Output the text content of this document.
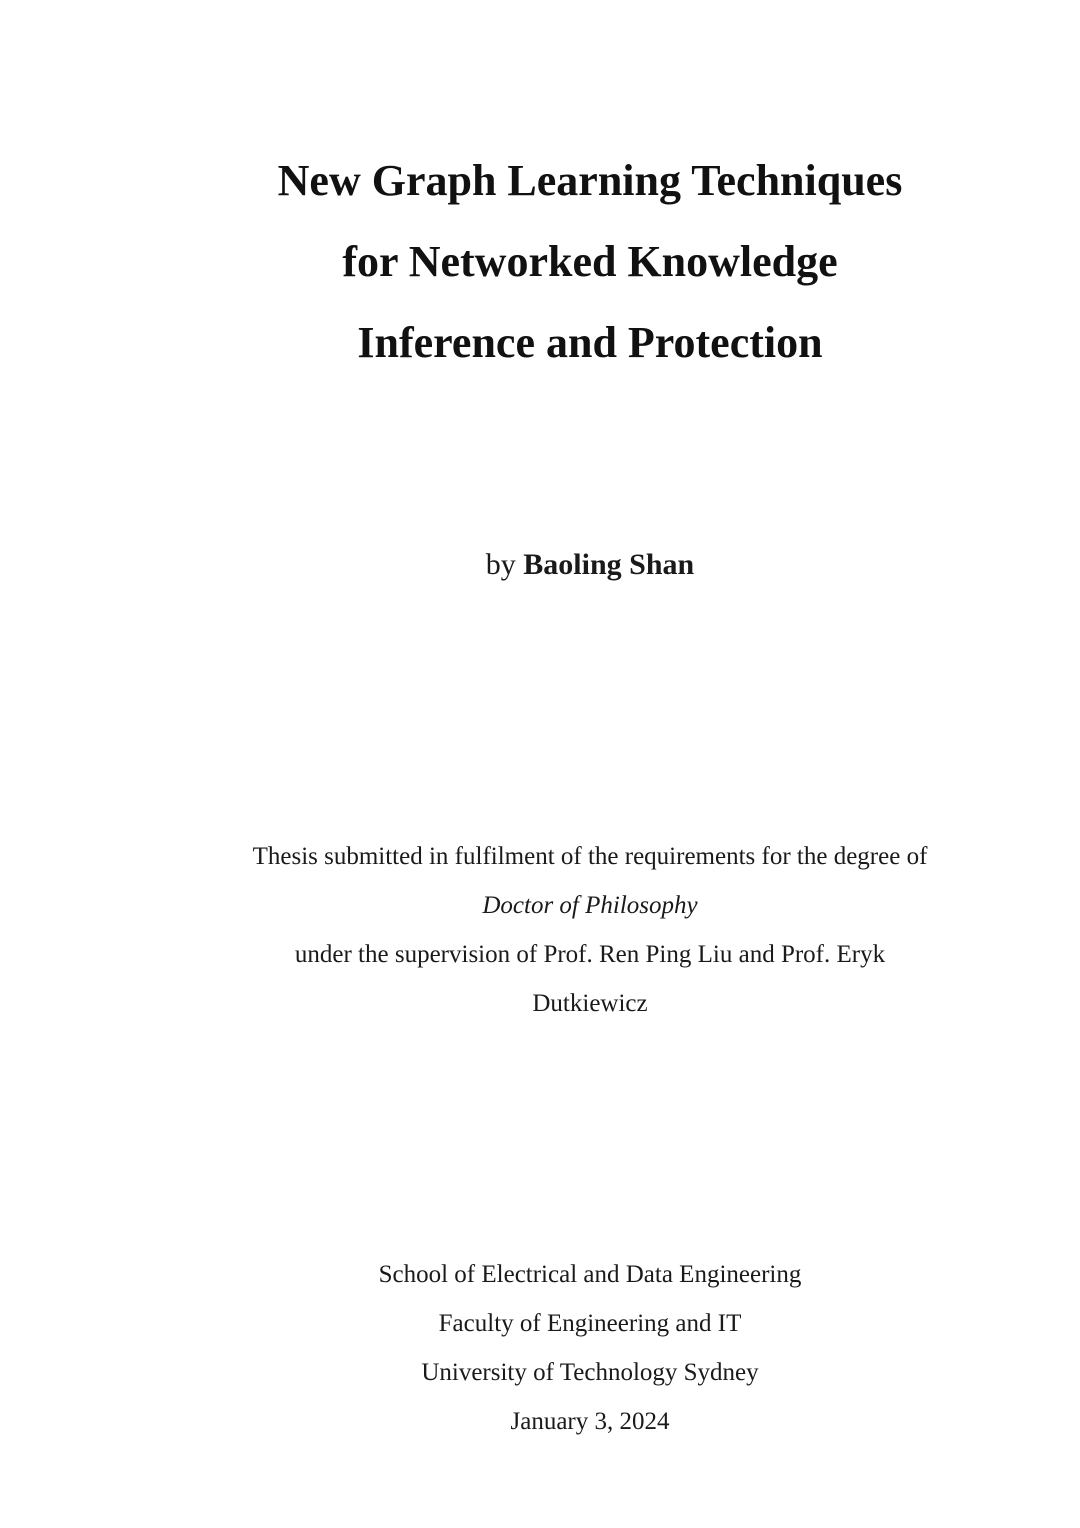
New Graph Learning Techniques
for Networked Knowledge
Inference and Protection
by Baoling Shan
Thesis submitted in fulfilment of the requirements for the degree of
Doctor of Philosophy
under the supervision of Prof. Ren Ping Liu and Prof. Eryk
Dutkiewicz
School of Electrical and Data Engineering
Faculty of Engineering and IT
University of Technology Sydney
January 3, 2024
